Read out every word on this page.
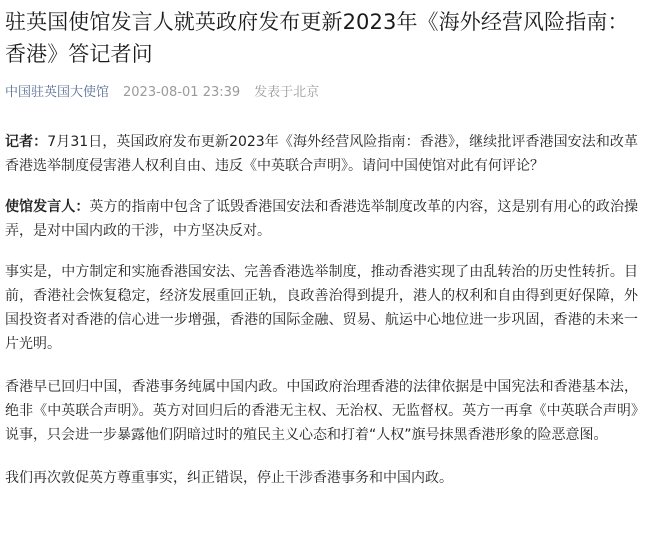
驻英国使馆发言人就英政府发布更新2023年《海外经营风险指南：香港》答记者问
中国驻英国大使馆 2023-08-01 23:39 发表于北京

记者：7月31日，英国政府发布更新2023年《海外经营风险指南：香港》，继续批评香港国安法和改革香港选举制度侵害港人权利自由、违反《中英联合声明》。请问中国使馆对此有何评论？

使馆发言人：英方的指南中包含了诋毁香港国安法和香港选举制度改革的内容，这是别有用心的政治操弄，是对中国内政的干涉，中方坚决反对。

事实是，中方制定和实施香港国安法、完善香港选举制度，推动香港实现了由乱转治的历史性转折。目前，香港社会恢复稳定，经济发展重回正轨，良政善治得到提升，港人的权利和自由得到更好保障，外国投资者对香港的信心进一步增强，香港的国际金融、贸易、航运中心地位进一步巩固，香港的未来一片光明。

香港早已回归中国，香港事务纯属中国内政。中国政府治理香港的法律依据是中国宪法和香港基本法，绝非《中英联合声明》。英方对回归后的香港无主权、无治权、无监督权。英方一再拿《中英联合声明》说事，只会进一步暴露他们阴暗过时的殖民主义心态和打着“人权”旗号抹黑香港形象的险恶意图。

我们再次敦促英方尊重事实，纠正错误，停止干涉香港事务和中国内政。
